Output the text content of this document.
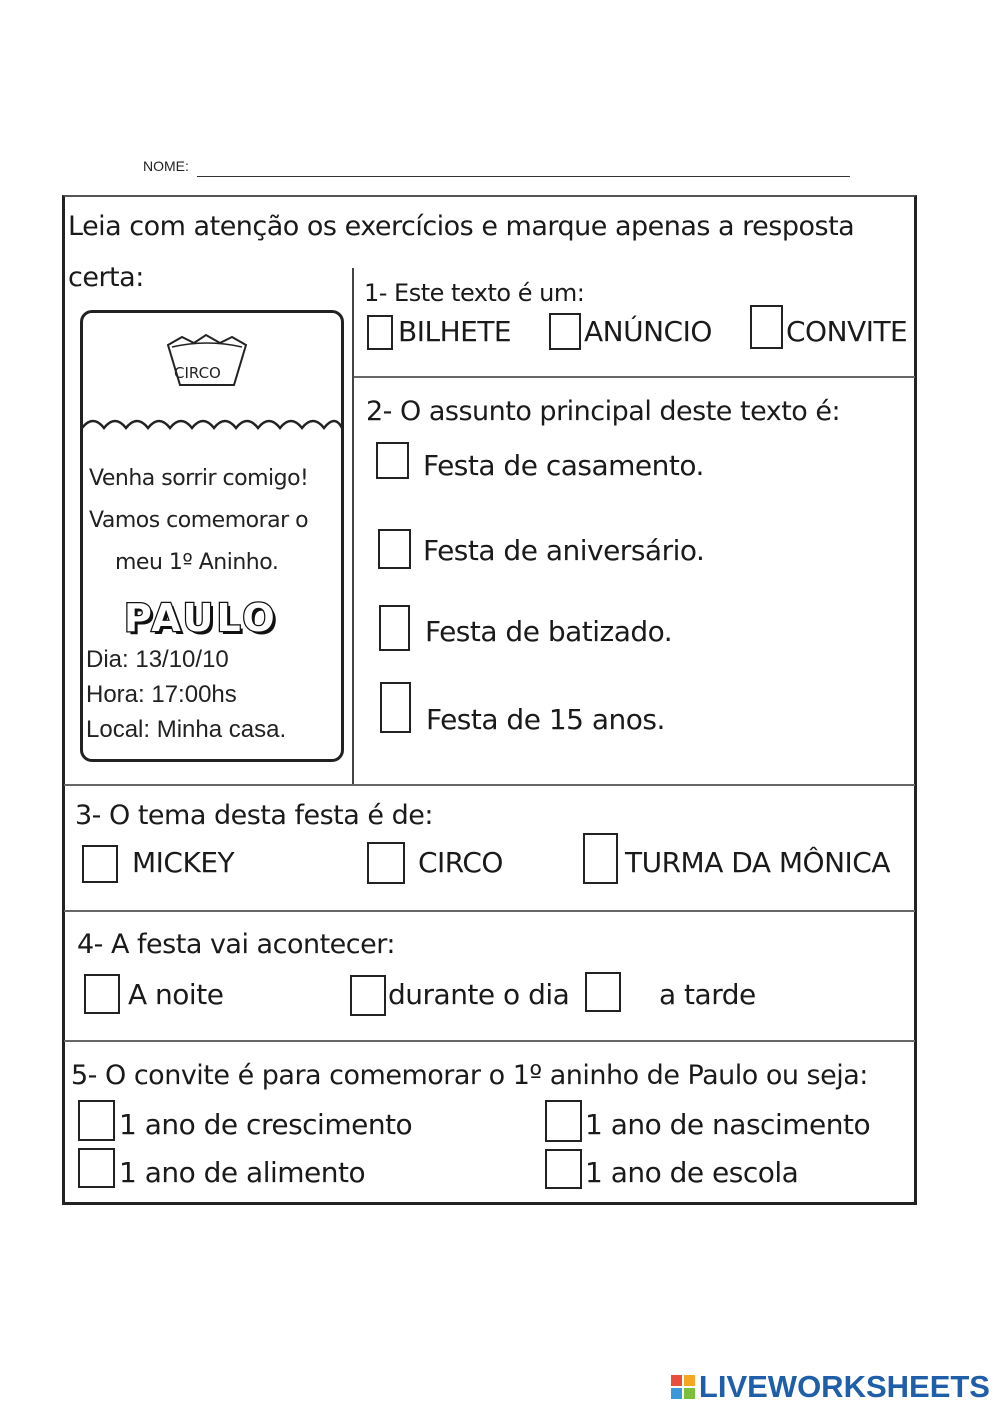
NOME:
Leia com atenção os exercícios e marque apenas a resposta
certa:
CIRCO
Venha sorrir comigo!
Vamos comemorar o
meu 1º Aninho.
PAULO
Dia: 13/10/10
Hora: 17:00hs
Local: Minha casa.
1- Este texto é um:
BILHETE	ANÚNCIO	CONVITE
2- O assunto principal deste texto é:
Festa de casamento.
Festa de aniversário.
Festa de batizado.
Festa de 15 anos.
3- O tema desta festa é de:
MICKEY	CIRCO	TURMA DA MÔNICA
4- A festa vai acontecer:
A noite	durante o dia	a tarde
5- O convite é para comemorar o 1º aninho de Paulo ou seja:
1 ano de crescimento	1 ano de nascimento
1 ano de alimento	1 ano de escola
LIVEWORKSHEETS
